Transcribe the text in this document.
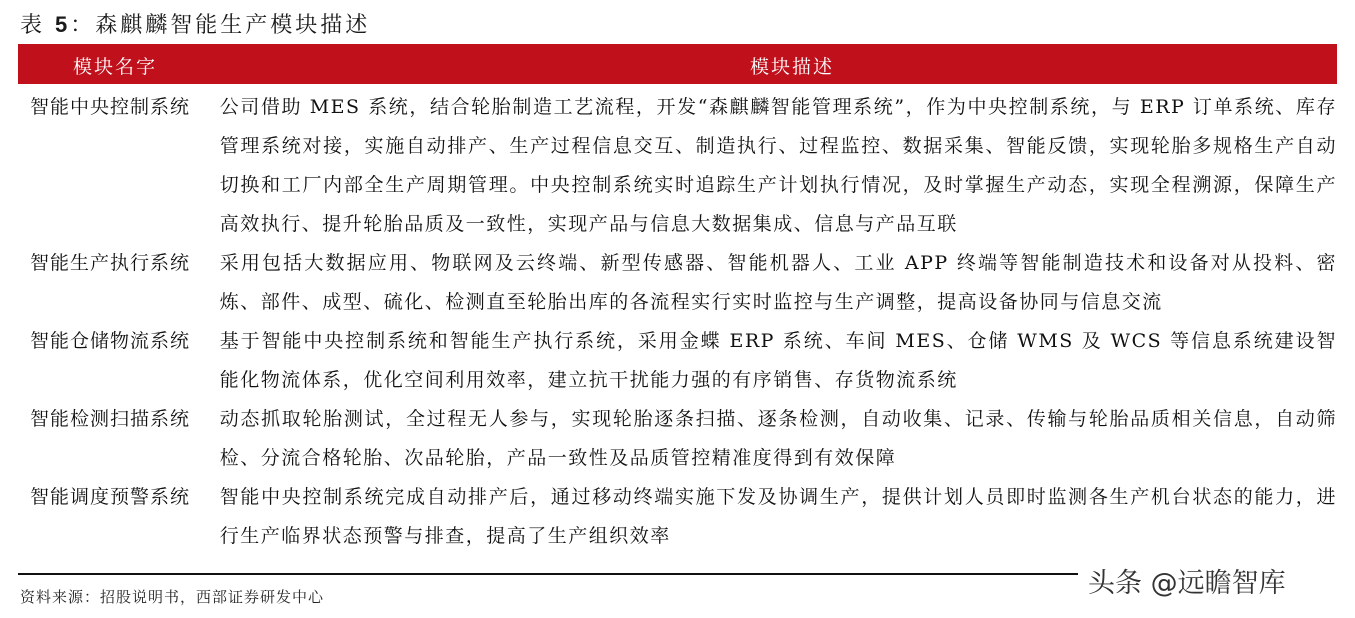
表 5：森麒麟智能生产模块描述
模块名字	模块描述
智能中央控制系统	公司借助 MES 系统，结合轮胎制造工艺流程，开发“森麒麟智能管理系统”，作为中央控制系统，与 ERP 订单系统、库存管理系统对接，实施自动排产、生产过程信息交互、制造执行、过程监控、数据采集、智能反馈，实现轮胎多规格生产自动切换和工厂内部全生产周期管理。中央控制系统实时追踪生产计划执行情况，及时掌握生产动态，实现全程溯源，保障生产高效执行、提升轮胎品质及一致性，实现产品与信息大数据集成、信息与产品互联
智能生产执行系统	采用包括大数据应用、物联网及云终端、新型传感器、智能机器人、工业 APP 终端等智能制造技术和设备对从投料、密炼、部件、成型、硫化、检测直至轮胎出库的各流程实行实时监控与生产调整，提高设备协同与信息交流
智能仓储物流系统	基于智能中央控制系统和智能生产执行系统，采用金蝶 ERP 系统、车间 MES、仓储 WMS 及 WCS 等信息系统建设智能化物流体系，优化空间利用效率，建立抗干扰能力强的有序销售、存货物流系统
智能检测扫描系统	动态抓取轮胎测试，全过程无人参与，实现轮胎逐条扫描、逐条检测，自动收集、记录、传输与轮胎品质相关信息，自动筛检、分流合格轮胎、次品轮胎，产品一致性及品质管控精准度得到有效保障
智能调度预警系统	智能中央控制系统完成自动排产后，通过移动终端实施下发及协调生产，提供计划人员即时监测各生产机台状态的能力，进行生产临界状态预警与排查，提高了生产组织效率
资料来源：招股说明书，西部证券研发中心	头条 @远瞻智库
